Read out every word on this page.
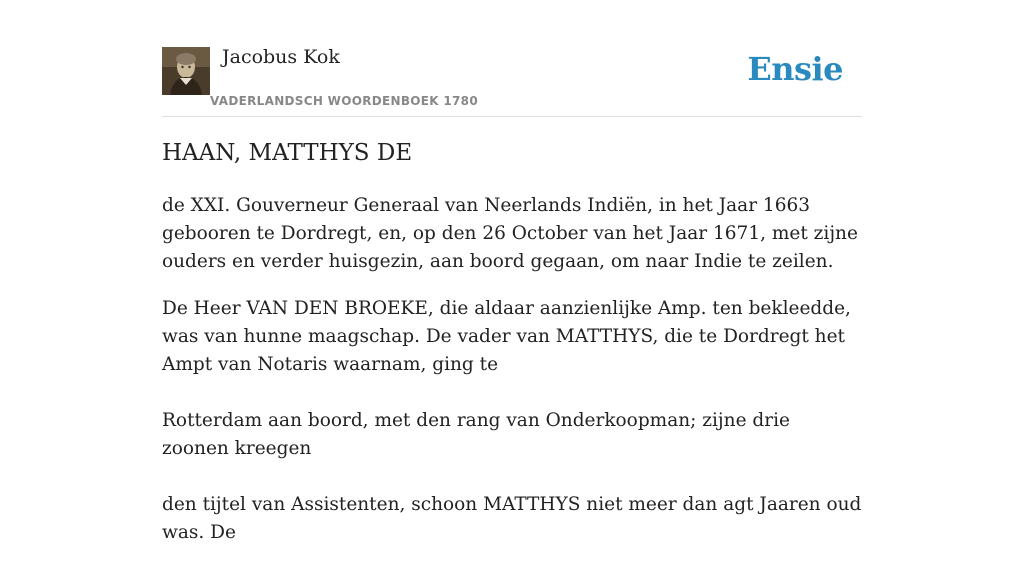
Jacobus Kok
VADERLANDSCH WOORDENBOEK 1780
Ensie
HAAN, MATTHYS DE

de XXI. Gouverneur Generaal van Neerlands Indiën, in het Jaar 1663 gebooren te Dordregt, en, op den 26 October van het Jaar 1671, met zijne ouders en verder huisgezin, aan boord gegaan, om naar Indie te zeilen.

De Heer VAN DEN BROEKE, die aldaar aanzienlijke Amp. ten bekleedde, was van hunne maagschap. De vader van MATTHYS, die te Dordregt het Ampt van Notaris waarnam, ging te

Rotterdam aan boord, met den rang van Onderkoopman; zijne drie zoonen kreegen

den tijtel van Assistenten, schoon MATTHYS niet meer dan agt Jaaren oud was. De
